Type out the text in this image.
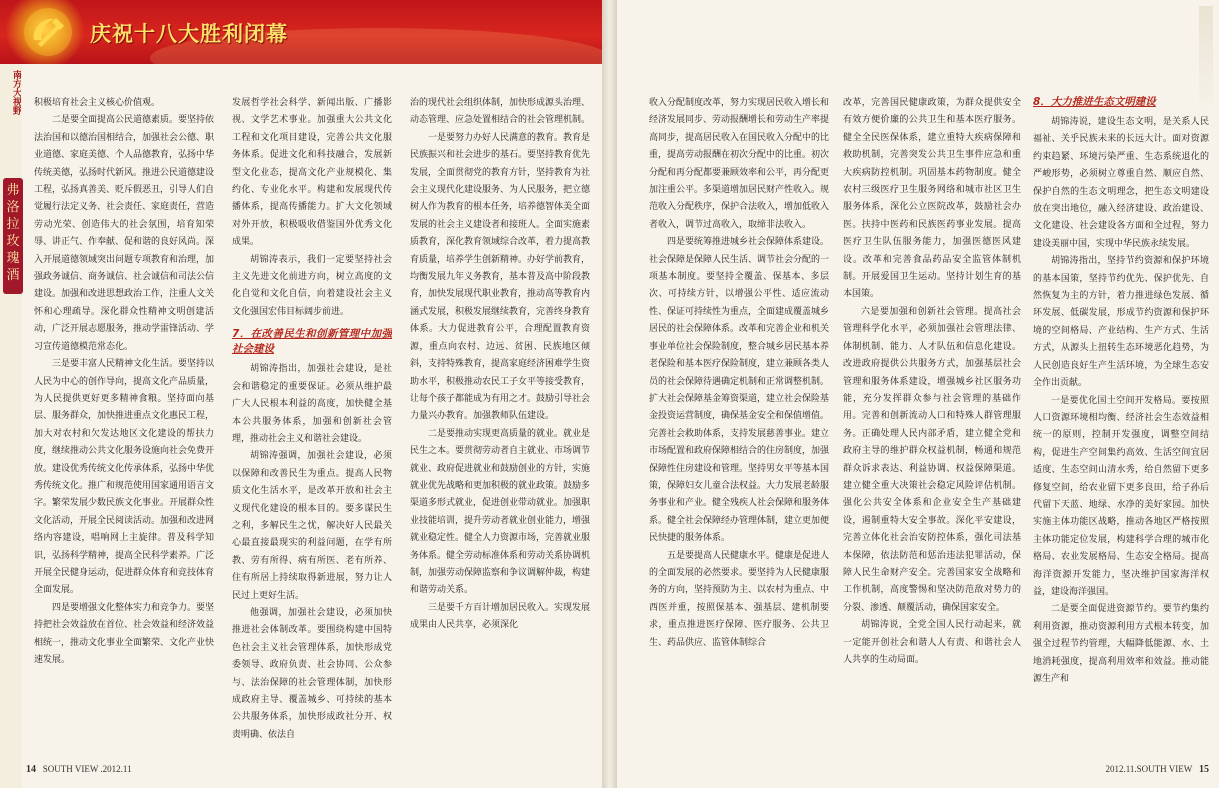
庆祝十八大胜利闭幕
南方大视野
弗洛拉玫瑰酒

积极培育社会主义核心价值观。

二是要全面提高公民道德素质。要坚持依法治国和以德治国相结合，加强社会公德、职业道德、家庭美德、个人品德教育，弘扬中华传统美德，弘扬时代新风。推进公民道德建设工程，弘扬真善美、贬斥假恶丑，引导人们自觉履行法定义务、社会责任、家庭责任，营造劳动光荣、创造伟大的社会氛围，培育知荣辱、讲正气、作奉献、促和谐的良好风尚。深入开展道德领域突出问题专项教育和治理，加强政务诚信、商务诚信、社会诚信和司法公信建设。加强和改进思想政治工作，注重人文关怀和心理疏导。深化群众性精神文明创建活动，广泛开展志愿服务，推动学雷锋活动、学习宣传道德模范常态化。

三是要丰富人民精神文化生活。要坚持以人民为中心的创作导向，提高文化产品质量，为人民提供更好更多精神食粮。坚持面向基层、服务群众，加快推进重点文化惠民工程，加大对农村和欠发达地区文化建设的帮扶力度，继续推动公共文化服务设施向社会免费开放。建设优秀传统文化传承体系，弘扬中华优秀传统文化。推广和规范使用国家通用语言文字。繁荣发展少数民族文化事业。开展群众性文化活动，开展全民阅读活动。加强和改进网络内容建设，唱响网上主旋律。普及科学知识，弘扬科学精神，提高全民科学素养。广泛开展全民健身运动，促进群众体育和竞技体育全面发展。

四是要增强文化整体实力和竞争力。要坚持把社会效益放在首位、社会效益和经济效益相统一，推动文化事业全面繁荣、文化产业快速发展。

发展哲学社会科学、新闻出版、广播影视、文学艺术事业。加强重大公共文化工程和文化项目建设，完善公共文化服务体系。促进文化和科技融合，发展新型文化业态，提高文化产业规模化、集约化、专业化水平。构建和发展现代传播体系，提高传播能力。扩大文化领域对外开放，积极吸收借鉴国外优秀文化成果。

胡锦涛表示，我们一定要坚持社会主义先进文化前进方向，树立高度的文化自觉和文化自信，向着建设社会主义文化强国宏伟目标阔步前进。

7．在改善民生和创新管理中加强社会建设

胡锦涛指出，加强社会建设，是社会和谐稳定的重要保证。必须从维护最广大人民根本利益的高度，加快健全基本公共服务体系，加强和创新社会管理，推动社会主义和谐社会建设。

胡锦涛强调，加强社会建设，必须以保障和改善民生为重点。提高人民物质文化生活水平，是改革开放和社会主义现代化建设的根本目的。要多谋民生之利，多解民生之忧，解决好人民最关心最直接最现实的利益问题，在学有所教、劳有所得、病有所医、老有所养、住有所居上持续取得新进展，努力让人民过上更好生活。

他强调，加强社会建设，必须加快推进社会体制改革。要围绕构建中国特色社会主义社会管理体系，加快形成党委领导、政府负责、社会协同、公众参与、法治保障的社会管理体制，加快形成政府主导、覆盖城乡、可持续的基本公共服务体系，加快形成政社分开、权责明确、依法自

治的现代社会组织体制，加快形成源头治理、动态管理、应急处置相结合的社会管理机制。

一是要努力办好人民满意的教育。教育是民族振兴和社会进步的基石。要坚持教育优先发展，全面贯彻党的教育方针，坚持教育为社会主义现代化建设服务、为人民服务，把立德树人作为教育的根本任务，培养德智体美全面发展的社会主义建设者和接班人。全面实施素质教育，深化教育领域综合改革，着力提高教育质量，培养学生创新精神。办好学前教育，均衡发展九年义务教育，基本普及高中阶段教育，加快发展现代职业教育，推动高等教育内涵式发展，积极发展继续教育，完善终身教育体系。大力促进教育公平，合理配置教育资源，重点向农村、边远、贫困、民族地区倾斜，支持特殊教育，提高家庭经济困难学生资助水平，积极推动农民工子女平等接受教育，让每个孩子都能成为有用之才。鼓励引导社会力量兴办教育。加强教师队伍建设。

二是要推动实现更高质量的就业。就业是民生之本。要贯彻劳动者自主就业、市场调节就业、政府促进就业和鼓励创业的方针，实施就业优先战略和更加积极的就业政策。鼓励多渠道多形式就业，促进创业带动就业。加强职业技能培训，提升劳动者就业创业能力，增强就业稳定性。健全人力资源市场，完善就业服务体系。健全劳动标准体系和劳动关系协调机制，加强劳动保障监察和争议调解仲裁，构建和谐劳动关系。

三是要千方百计增加居民收入。实现发展成果由人民共享，必须深化

14 SOUTH VIEW .2012.11

收入分配制度改革，努力实现居民收入增长和经济发展同步、劳动报酬增长和劳动生产率提高同步，提高居民收入在国民收入分配中的比重，提高劳动报酬在初次分配中的比重。初次分配和再分配都要兼顾效率和公平，再分配更加注重公平。多渠道增加居民财产性收入。规范收入分配秩序，保护合法收入，增加低收入者收入，调节过高收入，取缔非法收入。

四是要统筹推进城乡社会保障体系建设。社会保障是保障人民生活、调节社会分配的一项基本制度。要坚持全覆盖、保基本、多层次、可持续方针，以增强公平性、适应流动性、保证可持续性为重点，全面建成覆盖城乡居民的社会保障体系。改革和完善企业和机关事业单位社会保险制度，整合城乡居民基本养老保险和基本医疗保险制度，建立兼顾各类人员的社会保障待遇确定机制和正常调整机制。扩大社会保障基金筹资渠道，建立社会保险基金投资运营制度，确保基金安全和保值增值。完善社会救助体系，支持发展慈善事业。建立市场配置和政府保障相结合的住房制度，加强保障性住房建设和管理。坚持男女平等基本国策，保障妇女儿童合法权益。大力发展老龄服务事业和产业。健全残疾人社会保障和服务体系。健全社会保障经办管理体制，建立更加便民快捷的服务体系。

五是要提高人民健康水平。健康是促进人的全面发展的必然要求。要坚持为人民健康服务的方向，坚持预防为主、以农村为重点、中西医并重，按照保基本、强基层、建机制要求，重点推进医疗保障、医疗服务、公共卫生、药品供应、监管体制综合

改革，完善国民健康政策，为群众提供安全有效方便价廉的公共卫生和基本医疗服务。健全全民医保体系，建立重特大疾病保障和救助机制，完善突发公共卫生事件应急和重大疾病防控机制。巩固基本药物制度。健全农村三级医疗卫生服务网络和城市社区卫生服务体系，深化公立医院改革，鼓励社会办医。扶持中医药和民族医药事业发展。提高医疗卫生队伍服务能力，加强医德医风建设。改革和完善食品药品安全监管体制机制。开展爱国卫生运动。坚持计划生育的基本国策。

六是要加强和创新社会管理。提高社会管理科学化水平，必须加强社会管理法律、体制机制、能力、人才队伍和信息化建设。改进政府提供公共服务方式，加强基层社会管理和服务体系建设，增强城乡社区服务功能，充分发挥群众参与社会管理的基础作用。完善和创新流动人口和特殊人群管理服务。正确处理人民内部矛盾，建立健全党和政府主导的维护群众权益机制，畅通和规范群众诉求表达、利益协调、权益保障渠道。建立健全重大决策社会稳定风险评估机制。强化公共安全体系和企业安全生产基础建设，遏制重特大安全事故。深化平安建设，完善立体化社会治安防控体系，强化司法基本保障，依法防范和惩治违法犯罪活动，保障人民生命财产安全。完善国家安全战略和工作机制，高度警惕和坚决防范敌对势力的分裂、渗透、颠覆活动，确保国家安全。

胡锦涛说，全党全国人民行动起来，就一定能开创社会和谐人人有责、和谐社会人人共享的生动局面。

8．大力推进生态文明建设

胡锦涛说，建设生态文明，是关系人民福祉、关乎民族未来的长远大计。面对资源约束趋紧、环境污染严重、生态系统退化的严峻形势，必须树立尊重自然、顺应自然、保护自然的生态文明理念，把生态文明建设放在突出地位，融入经济建设、政治建设、文化建设、社会建设各方面和全过程，努力建设美丽中国，实现中华民族永续发展。

胡锦涛指出，坚持节约资源和保护环境的基本国策，坚持节约优先、保护优先、自然恢复为主的方针，着力推进绿色发展、循环发展、低碳发展，形成节约资源和保护环境的空间格局、产业结构、生产方式、生活方式，从源头上扭转生态环境恶化趋势，为人民创造良好生产生活环境，为全球生态安全作出贡献。

一是要优化国土空间开发格局。要按照人口资源环境相均衡、经济社会生态效益相统一的原则，控制开发强度，调整空间结构，促进生产空间集约高效、生活空间宜居适度、生态空间山清水秀，给自然留下更多修复空间，给农业留下更多良田，给子孙后代留下天蓝、地绿、水净的美好家园。加快实施主体功能区战略，推动各地区严格按照主体功能定位发展，构建科学合理的城市化格局、农业发展格局、生态安全格局。提高海洋资源开发能力，坚决维护国家海洋权益，建设海洋强国。

二是要全面促进资源节约。要节约集约利用资源，推动资源利用方式根本转变，加强全过程节约管理，大幅降低能源、水、土地消耗强度，提高利用效率和效益。推动能源生产和

2012.11.SOUTH VIEW 15
